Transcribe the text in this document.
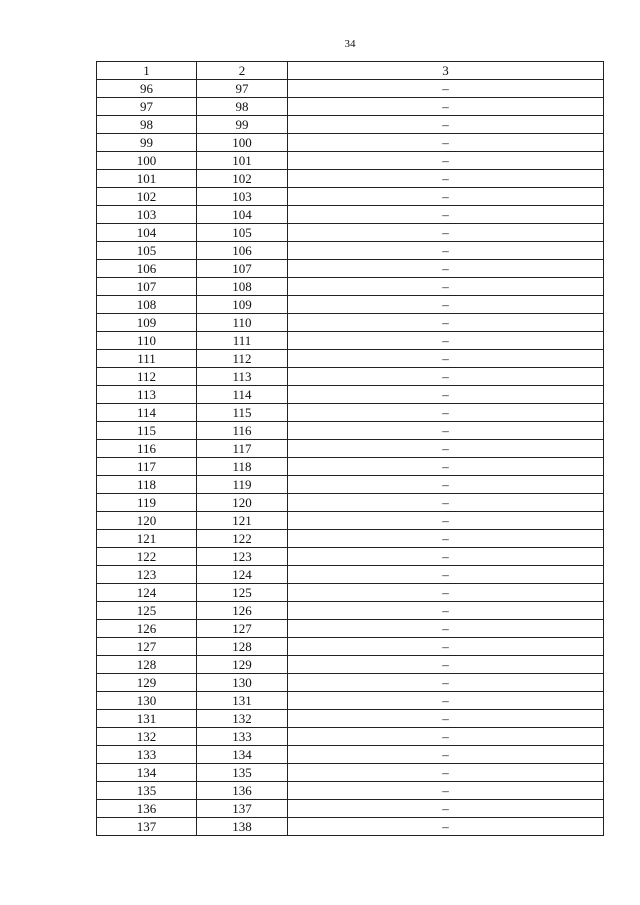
34
1	2	3
96	97	–
97	98	–
98	99	–
99	100	–
100	101	–
101	102	–
102	103	–
103	104	–
104	105	–
105	106	–
106	107	–
107	108	–
108	109	–
109	110	–
110	111	–
111	112	–
112	113	–
113	114	–
114	115	–
115	116	–
116	117	–
117	118	–
118	119	–
119	120	–
120	121	–
121	122	–
122	123	–
123	124	–
124	125	–
125	126	–
126	127	–
127	128	–
128	129	–
129	130	–
130	131	–
131	132	–
132	133	–
133	134	–
134	135	–
135	136	–
136	137	–
137	138	–
